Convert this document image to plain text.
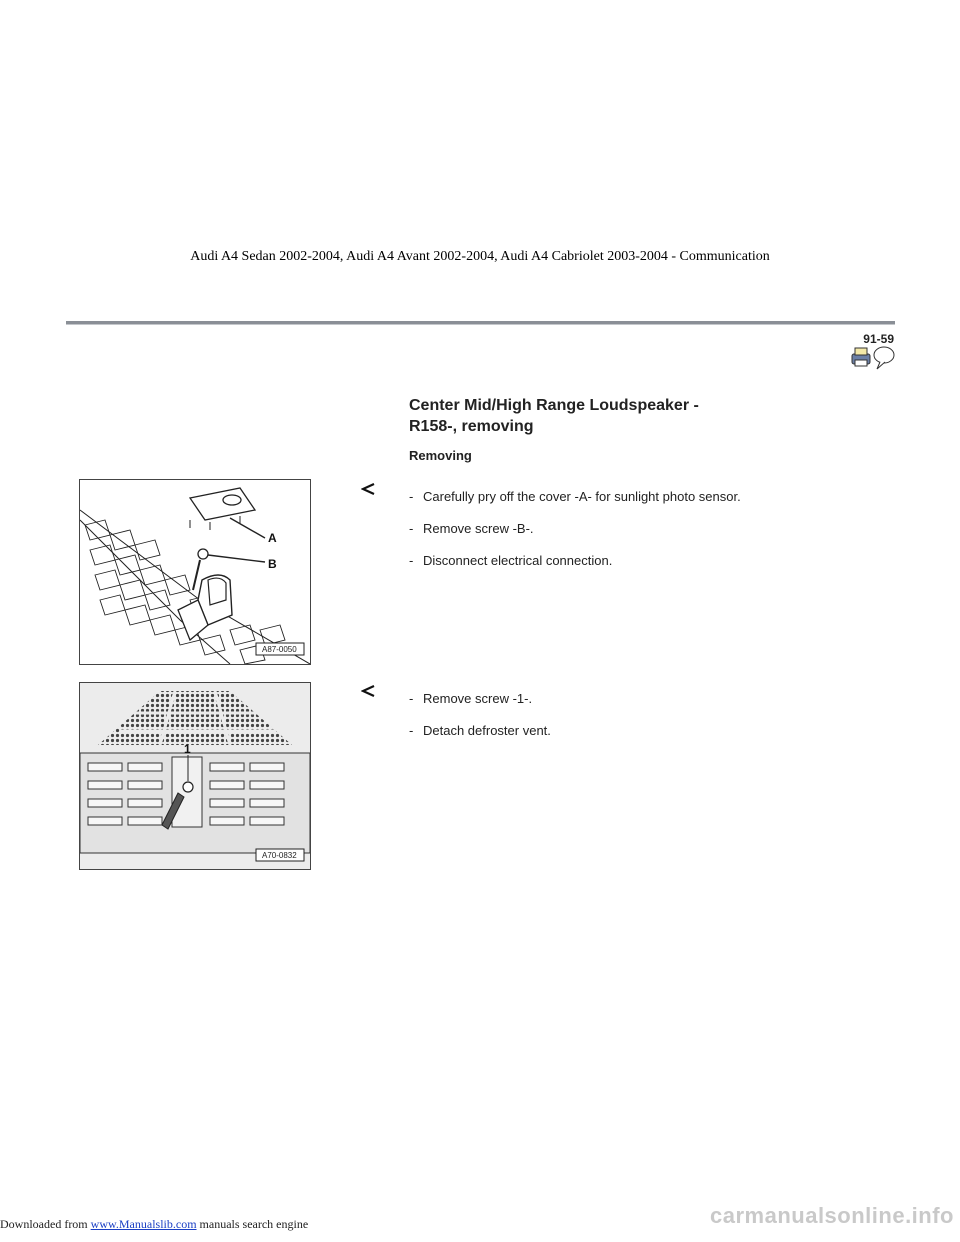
Audi A4 Sedan 2002-2004, Audi A4 Avant 2002-2004, Audi A4 Cabriolet 2003-2004 - Communication
91-59
Center Mid/High Range Loudspeaker -
R158-, removing
Removing
- Carefully pry off the cover -A- for sunlight photo sensor.
- Remove screw -B-.
- Disconnect electrical connection.
A
B
A87-0050
- Remove screw -1-.
- Detach defroster vent.
1
A70-0832
Downloaded from www.Manualslib.com manuals search engine	carmanualsonline.info
